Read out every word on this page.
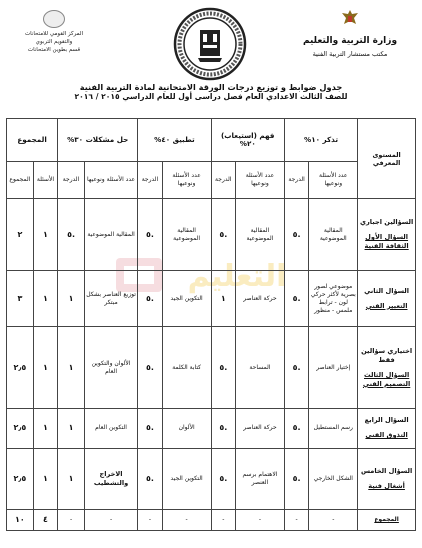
المركز القومي للامتحانات
والتقويم التربوي
قسم بطوين الامتحانات
وزارة التربية والتعليم
مكتب مستشار التربية الفنية
جدول ضوابط و توزيع درجات الورقة الامتحانية لمادة التربية الفنية
للصف الثالث الاعدادي العام فصل دراسى أول للعام الدراسي ٢٠١٥ / ٢٠١٦
التعليم
المستوى المعرفي	تذكر ١٠%		فهم (استيعاب) ٢٠%		تطبيق ٤٠%		حل مشكلات ٣٠%		المجموع	
	عدد الأسئلة ونوعيها	الدرجة	عدد الأسئلة ونوعيها	الدرجة	عدد الأسئلة ونوعيها	الدرجة	عدد الأسئلة ونوعيها	الدرجة	الأسئلة	المجموع
السؤالين اجباري
السؤال الأول الثقافة الفنية	المقالية الموضوعية	.٥	المقالية الموضوعية	.٥	المقالية الموضوعية	.٥	المقالية الموضوعية	.٥	١	٢
السؤال الثاني
التعبير الفني	موضوعي لصور بصرية لأكثر حركي لون - ترابط ملمس - منظور	.٥	حركة العناصر	١	التكوين الجيد	.٥	توزيع العناصر بشكل مبتكر	١	١	٣
اختياري سؤالين فقط
السؤال الثالث التصميم الفني	إختيار العناصر	.٥	المساحة	.٥	كتابة الكلمة	.٥	الألوان والتكوين العام	١	١	٢٫٥
السؤال الرابع
التذوق الفني	رسم المستطيل	.٥	حركة العناصر	.٥	الألوان	.٥	التكوين العام	١	١	٢٫٥
السؤال الخامس
أشغال فنية	الشكل الخارجي	.٥	الاهتمام برسم العنصر	.٥	التكوين الجيد	.٥	الاخراج والتشطيب	١	١	٢٫٥
المجموع	-	-	-	-	-	-	-	-	٤	١٠
